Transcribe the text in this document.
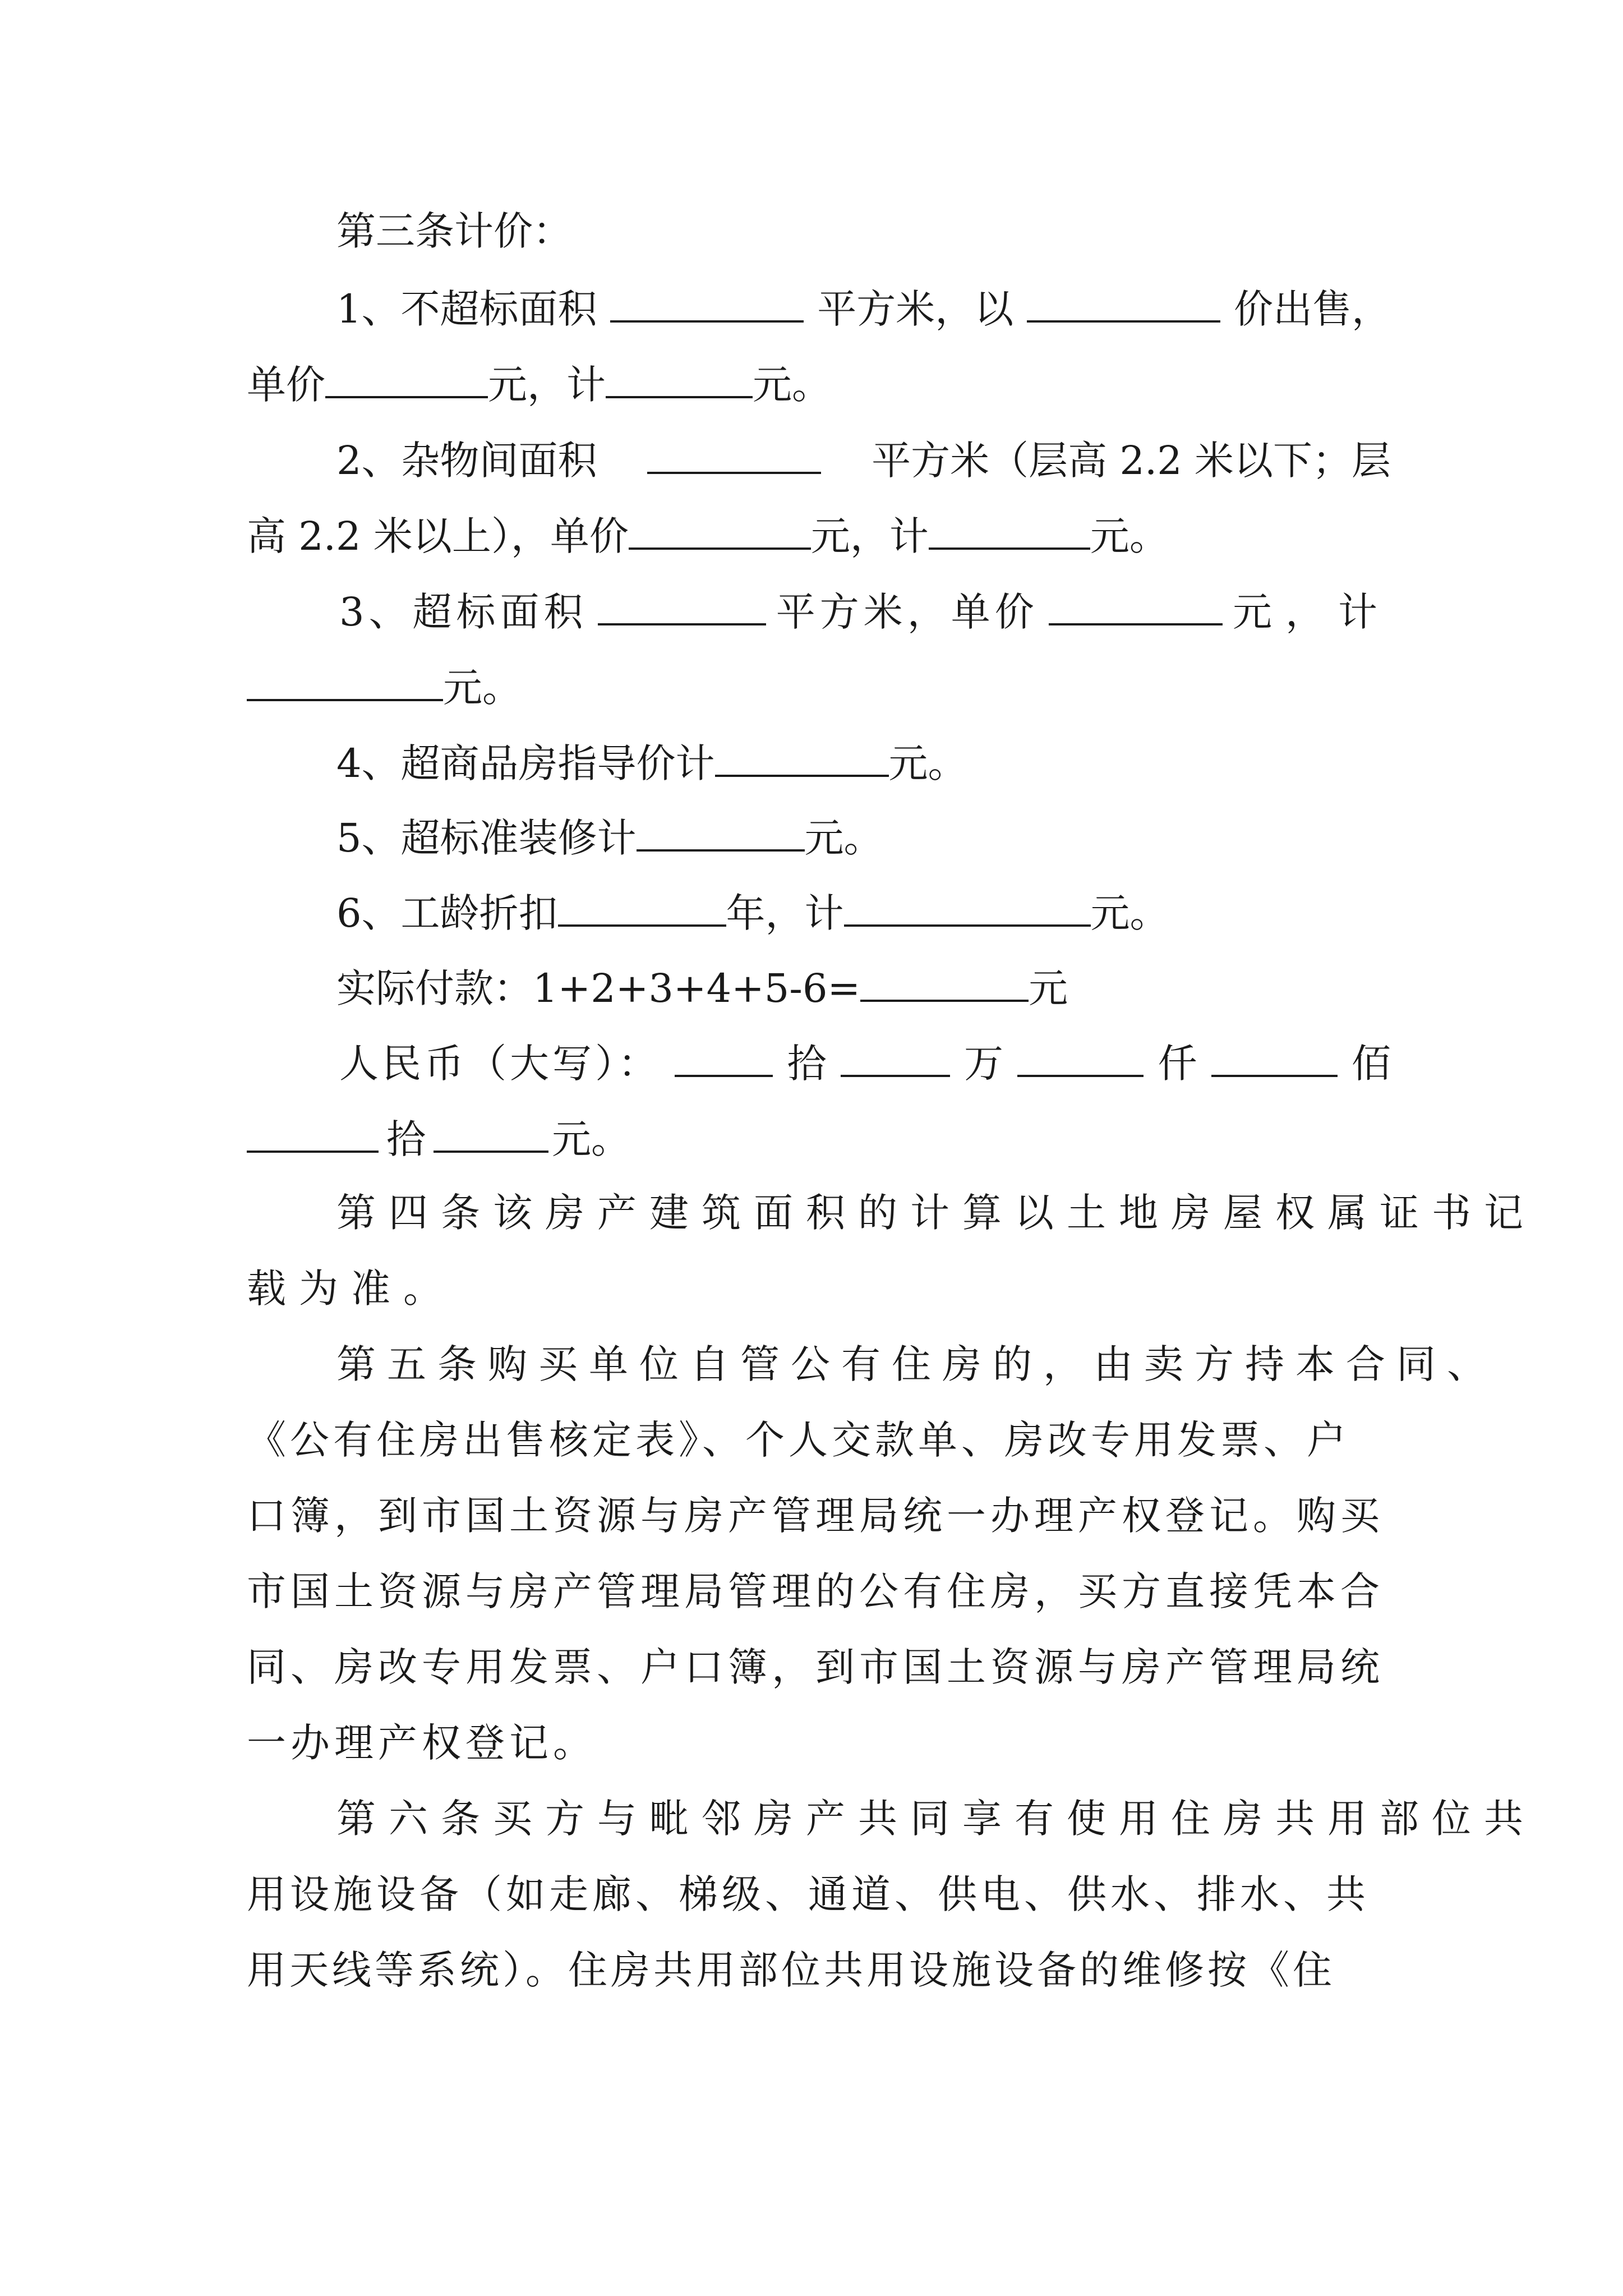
第三条计价：
1、不超标面积	平方米，以	价出售，
单价	元，计	元。
2、杂物间面积	平方米（层高 2.2 米以下；层
高 2.2 米以上），单价	元，计	元。
3、超标面积	平方米，单价	元，计
元。
4、超商品房指导价计	元。
5、超标准装修计	元。
6、工龄折扣	年，计	元。
实际付款：1+2+3+4+5-6=	元
人民币（大写）：	拾	万	仟	佰
拾	元。
第四条该房产建筑面积的计算以土地房屋权属证书记
载为准。
第五条购买单位自管公有住房的，由卖方持本合同、
《公有住房出售核定表》、个人交款单、房改专用发票、户
口簿，到市国土资源与房产管理局统一办理产权登记。购买
市国土资源与房产管理局管理的公有住房，买方直接凭本合
同、房改专用发票、户口簿，到市国土资源与房产管理局统
一办理产权登记。
第六条买方与毗邻房产共同享有使用住房共用部位共
用设施设备（如走廊、梯级、通道、供电、供水、排水、共
用天线等系统）。住房共用部位共用设施设备的维修按《住
